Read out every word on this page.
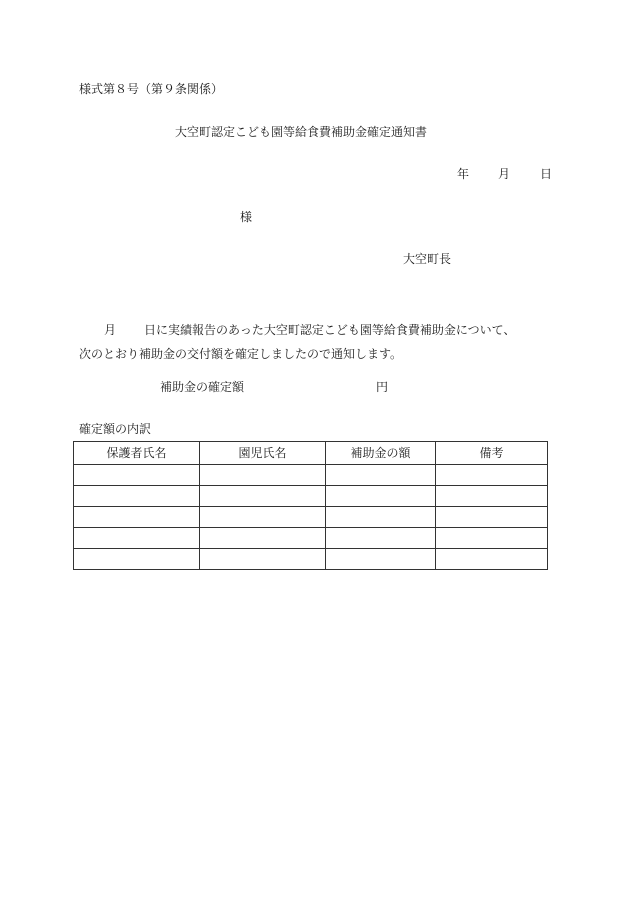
様式第８号（第９条関係）
大空町認定こども園等給食費補助金確定通知書
年 月 日
様
大空町長
月 日に実績報告のあった大空町認定こども園等給食費補助金について、
次のとおり補助金の交付額を確定しましたので通知します。
補助金の確定額	円
確定額の内訳
保護者氏名	園児氏名	補助金の額	備考
